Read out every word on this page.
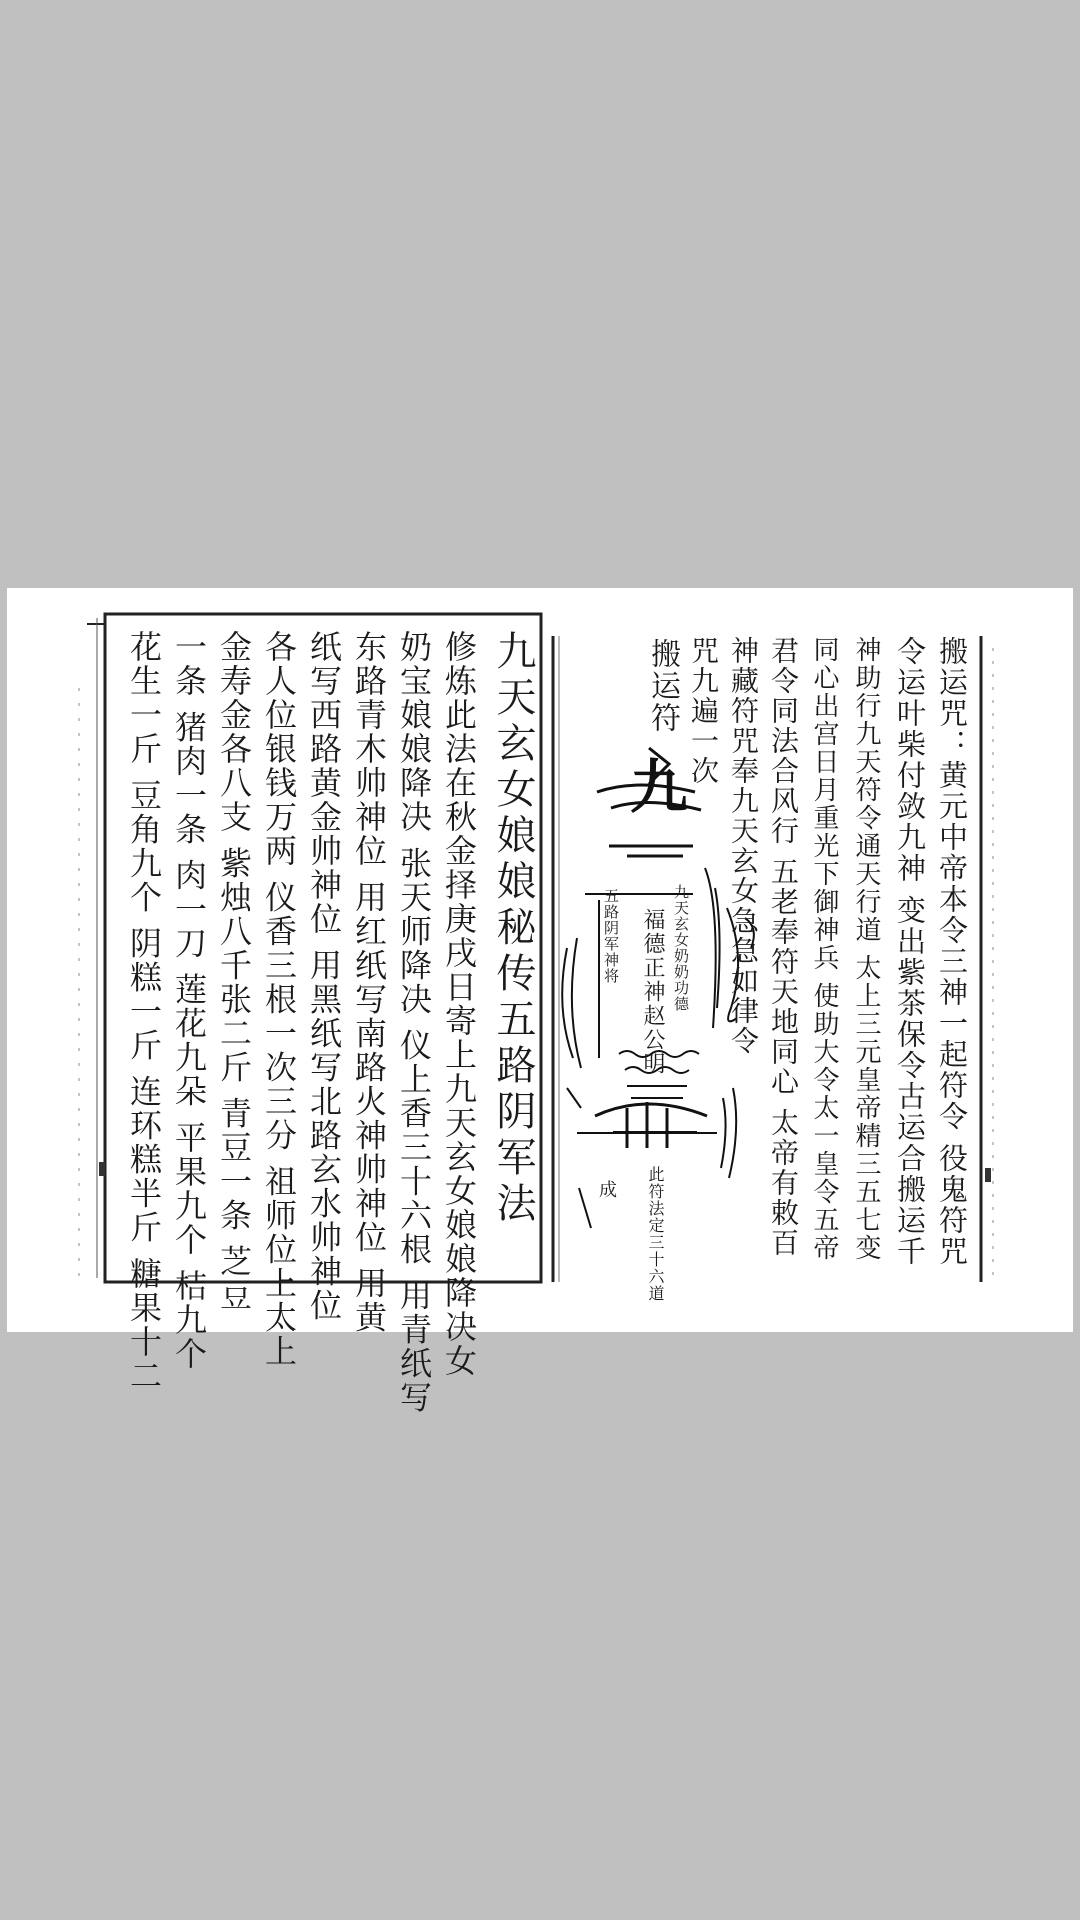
九天玄女娘娘秘传五路阴军法
修炼此法在秋金择庚戌日寄上九天玄女娘娘降决女
奶宝娘娘降决 张天师降决 仪上香三十六根 用青纸写
东路青木帅神位 用红纸写南路火神帅神位 用黄
纸写西路黄金帅神位 用黑纸写北路玄水帅神位
各人位银钱万两 仪香三根一次三分 祖师位上太上
金寿金各八支 紫烛八千张二斤 青豆一条 芝豆
一条 猪肉一条 肉一刀 莲花九朵 平果九个 桔九个
花生一斤 豆角九个 阴糕一斤 连环糕半斤 糖果十二	搬运咒：黄元中帝本令三神一起符令 役鬼符咒
令运叶柴付敛九神 变出紫茶保令古运合搬运千
神助行九天符令通天行道 太上三元皇帝精三五七变
同心出宫日月重光下御神兵 使助大令太一皇令五帝
君令同法合风行 五老奉符天地同心 太帝有敕百
神藏符咒奉九天玄女急急如律令
咒九遍一次
搬运符
九
福德正神赵公明 九天玄女奶奶功德
五路阴军神将
此符法定三十六道
成
